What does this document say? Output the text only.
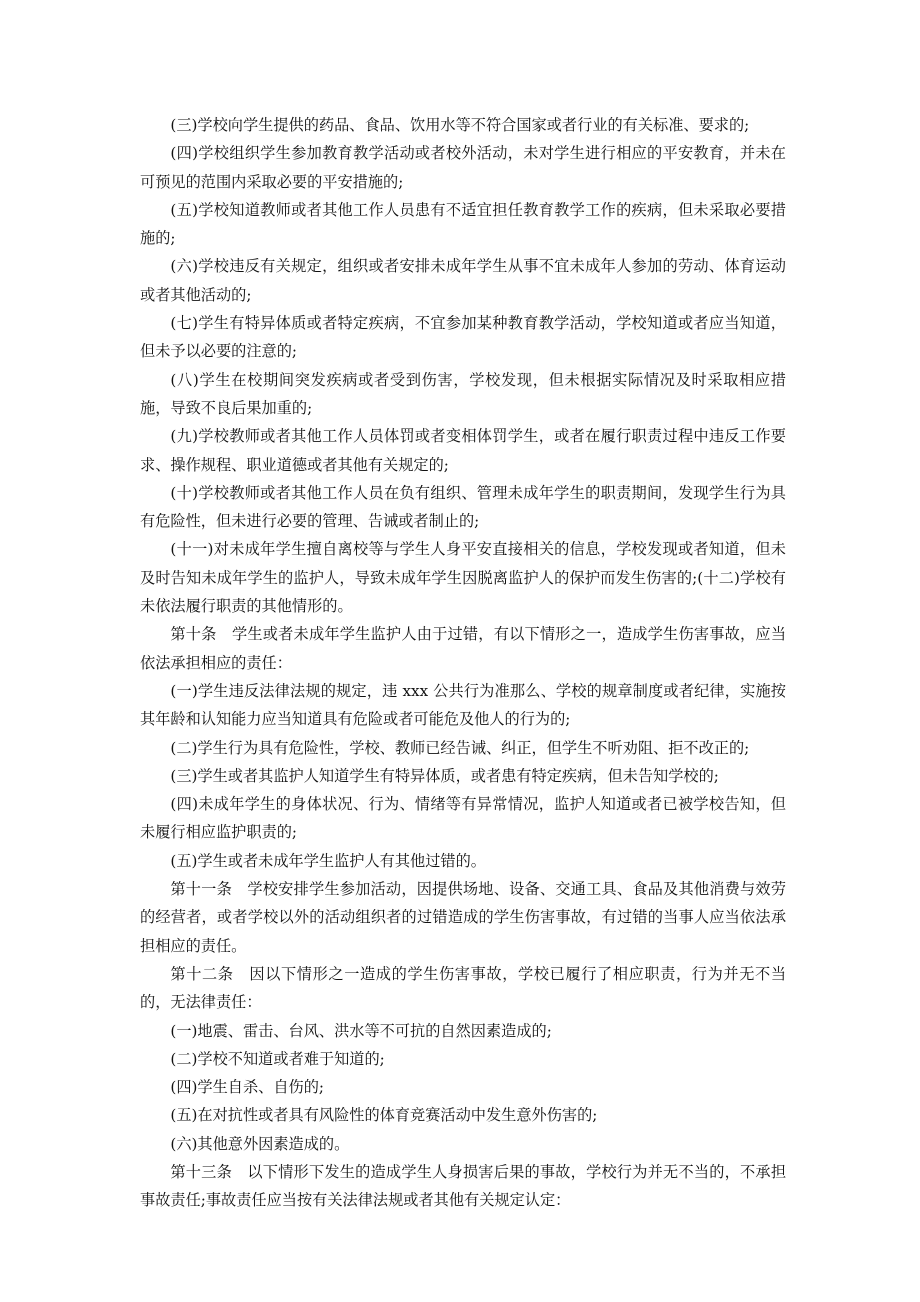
(三)学校向学生提供的药品、食品、饮用水等不符合国家或者行业的有关标准、要求的;

(四)学校组织学生参加教育教学活动或者校外活动，未对学生进行相应的平安教育，并未在可预见的范围内采取必要的平安措施的;

(五)学校知道教师或者其他工作人员患有不适宜担任教育教学工作的疾病，但未采取必要措施的;

(六)学校违反有关规定，组织或者安排未成年学生从事不宜未成年人参加的劳动、体育运动或者其他活动的;

(七)学生有特异体质或者特定疾病，不宜参加某种教育教学活动，学校知道或者应当知道，但未予以必要的注意的;

(八)学生在校期间突发疾病或者受到伤害，学校发现，但未根据实际情况及时采取相应措施，导致不良后果加重的;

(九)学校教师或者其他工作人员体罚或者变相体罚学生，或者在履行职责过程中违反工作要求、操作规程、职业道德或者其他有关规定的;

(十)学校教师或者其他工作人员在负有组织、管理未成年学生的职责期间，发现学生行为具有危险性，但未进行必要的管理、告诫或者制止的;

(十一)对未成年学生擅自离校等与学生人身平安直接相关的信息，学校发现或者知道，但未及时告知未成年学生的监护人，导致未成年学生因脱离监护人的保护而发生伤害的;(十二)学校有未依法履行职责的其他情形的。

第十条　学生或者未成年学生监护人由于过错，有以下情形之一，造成学生伤害事故，应当依法承担相应的责任：

(一)学生违反法律法规的规定，违 xxx 公共行为准那么、学校的规章制度或者纪律，实施按其年龄和认知能力应当知道具有危险或者可能危及他人的行为的;

(二)学生行为具有危险性，学校、教师已经告诫、纠正，但学生不听劝阻、拒不改正的;

(三)学生或者其监护人知道学生有特异体质，或者患有特定疾病，但未告知学校的;

(四)未成年学生的身体状况、行为、情绪等有异常情况，监护人知道或者已被学校告知，但未履行相应监护职责的;

(五)学生或者未成年学生监护人有其他过错的。

第十一条　学校安排学生参加活动，因提供场地、设备、交通工具、食品及其他消费与效劳的经营者，或者学校以外的活动组织者的过错造成的学生伤害事故，有过错的当事人应当依法承担相应的责任。

第十二条　因以下情形之一造成的学生伤害事故，学校已履行了相应职责，行为并无不当的，无法律责任：

(一)地震、雷击、台风、洪水等不可抗的自然因素造成的;

(二)学校不知道或者难于知道的;

(四)学生自杀、自伤的;

(五)在对抗性或者具有风险性的体育竞赛活动中发生意外伤害的;

(六)其他意外因素造成的。

第十三条　以下情形下发生的造成学生人身损害后果的事故，学校行为并无不当的，不承担事故责任;事故责任应当按有关法律法规或者其他有关规定认定：
